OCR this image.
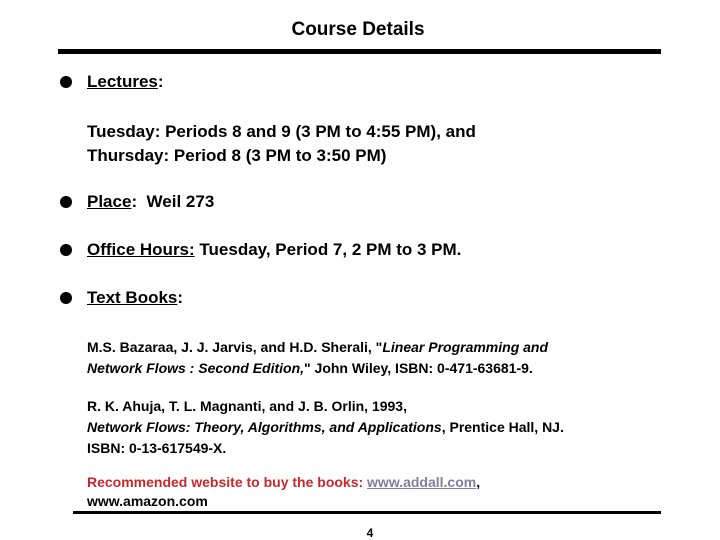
Course Details
Lectures:
Tuesday: Periods 8 and 9 (3 PM to 4:55 PM), and
Thursday: Period 8 (3 PM to 3:50 PM)
Place:  Weil 273
Office Hours: Tuesday, Period 7, 2 PM to 3 PM.
Text Books:
M.S. Bazaraa, J. J. Jarvis, and H.D. Sherali, "Linear Programming and
Network Flows : Second Edition," John Wiley, ISBN: 0-471-63681-9.
R. K. Ahuja, T. L. Magnanti, and J. B. Orlin, 1993,
Network Flows: Theory, Algorithms, and Applications, Prentice Hall, NJ.
ISBN: 0-13-617549-X.
Recommended website to buy the books: www.addall.com,
www.amazon.com
4
